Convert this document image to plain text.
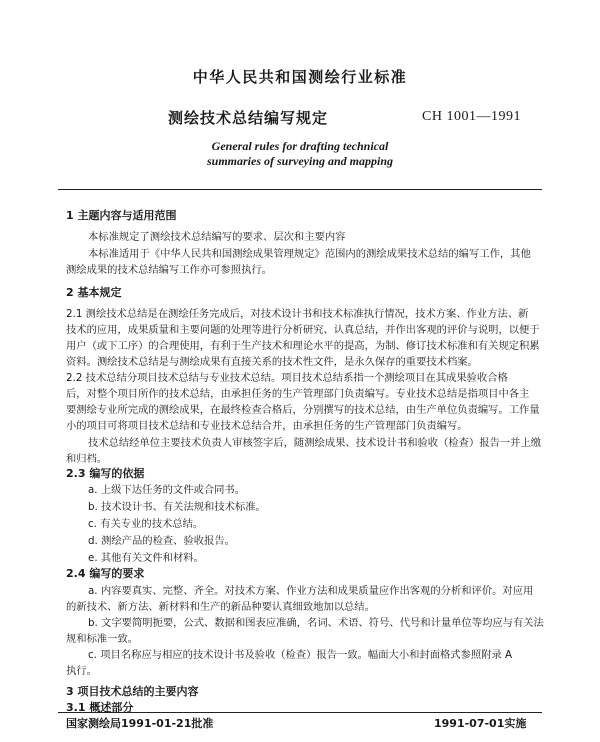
中华人民共和国测绘行业标准
测绘技术总结编写规定	CH 1001—1991
General rules for drafting technical
summaries of surveying and mapping
1 主题内容与适用范围
本标准规定了测绘技术总结编写的要求、层次和主要内容
本标准适用于《中华人民共和国测绘成果管理规定》范围内的测绘成果技术总结的编写工作，其他
测绘成果的技术总结编写工作亦可参照执行。
2 基本规定
2.1 测绘技术总结是在测绘任务完成后，对技术设计书和技术标准执行情况，技术方案、作业方法、新
技术的应用，成果质量和主要问题的处理等进行分析研究、认真总结，并作出客观的评价与说明，以便于
用户（或下工序）的合理使用，有利于生产技术和理论水平的提高，为制、修订技术标准和有关规定积累
资料。测绘技术总结是与测绘成果有直接关系的技术性文件，是永久保存的重要技术档案。
2.2 技术总结分项目技术总结与专业技术总结。项目技术总结系指一个测绘项目在其成果验收合格
后，对整个项目所作的技术总结，由承担任务的生产管理部门负责编写。专业技术总结是指项目中各主
要测绘专业所完成的测绘成果，在最终检查合格后，分别撰写的技术总结，由生产单位负责编写。工作量
小的项目可将项目技术总结和专业技术总结合并，由承担任务的生产管理部门负责编写。
技术总结经单位主要技术负责人审核签字后，随测绘成果、技术设计书和验收（检查）报告一并上缴
和归档。
2.3 编写的依据
a. 上级下达任务的文件或合同书。
b. 技术设计书、有关法规和技术标准。
c. 有关专业的技术总结。
d. 测绘产品的检查、验收报告。
e. 其他有关文件和材料。
2.4 编写的要求
a. 内容要真实、完整、齐全。对技术方案、作业方法和成果质量应作出客观的分析和评价。对应用
的新技术、新方法、新材料和生产的新品种要认真细致地加以总结。
b. 文字要简明扼要，公式、数据和图表应准确，名词、术语、符号、代号和计量单位等均应与有关法
规和标准一致。
c. 项目名称应与相应的技术设计书及验收（检查）报告一致。幅面大小和封面格式参照附录 A
执行。
3 项目技术总结的主要内容
3.1 概述部分
国家测绘局1991-01-21批准	1991-07-01实施
